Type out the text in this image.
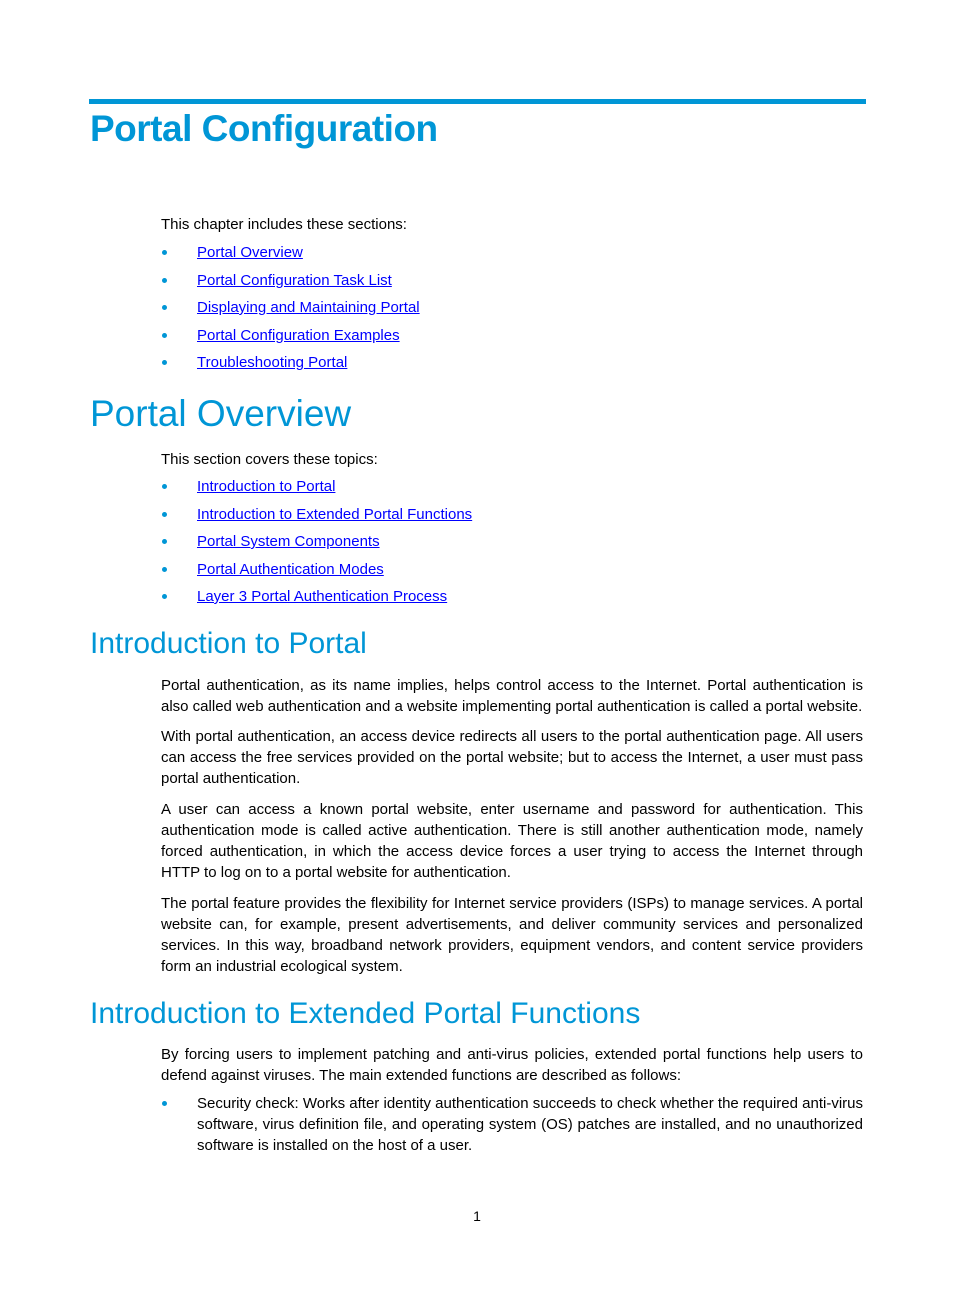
Portal Configuration

This chapter includes these sections:

Portal Overview
Portal Configuration Task List
Displaying and Maintaining Portal
Portal Configuration Examples
Troubleshooting Portal
Portal Overview

This section covers these topics:

Introduction to Portal
Introduction to Extended Portal Functions
Portal System Components
Portal Authentication Modes
Layer 3 Portal Authentication Process
Introduction to Portal

Portal authentication, as its name implies, helps control access to the Internet. Portal authentication is also called web authentication and a website implementing portal authentication is called a portal website.

With portal authentication, an access device redirects all users to the portal authentication page. All users can access the free services provided on the portal website; but to access the Internet, a user must pass portal authentication.

A user can access a known portal website, enter username and password for authentication. This authentication mode is called active authentication. There is still another authentication mode, namely forced authentication, in which the access device forces a user trying to access the Internet through HTTP to log on to a portal website for authentication.

The portal feature provides the flexibility for Internet service providers (ISPs) to manage services. A portal website can, for example, present advertisements, and deliver community services and personalized services. In this way, broadband network providers, equipment vendors, and content service providers form an industrial ecological system.

Introduction to Extended Portal Functions

By forcing users to implement patching and anti-virus policies, extended portal functions help users to defend against viruses. The main extended functions are described as follows:

Security check: Works after identity authentication succeeds to check whether the required anti-virus software, virus definition file, and operating system (OS) patches are installed, and no unauthorized software is installed on the host of a user.
1
